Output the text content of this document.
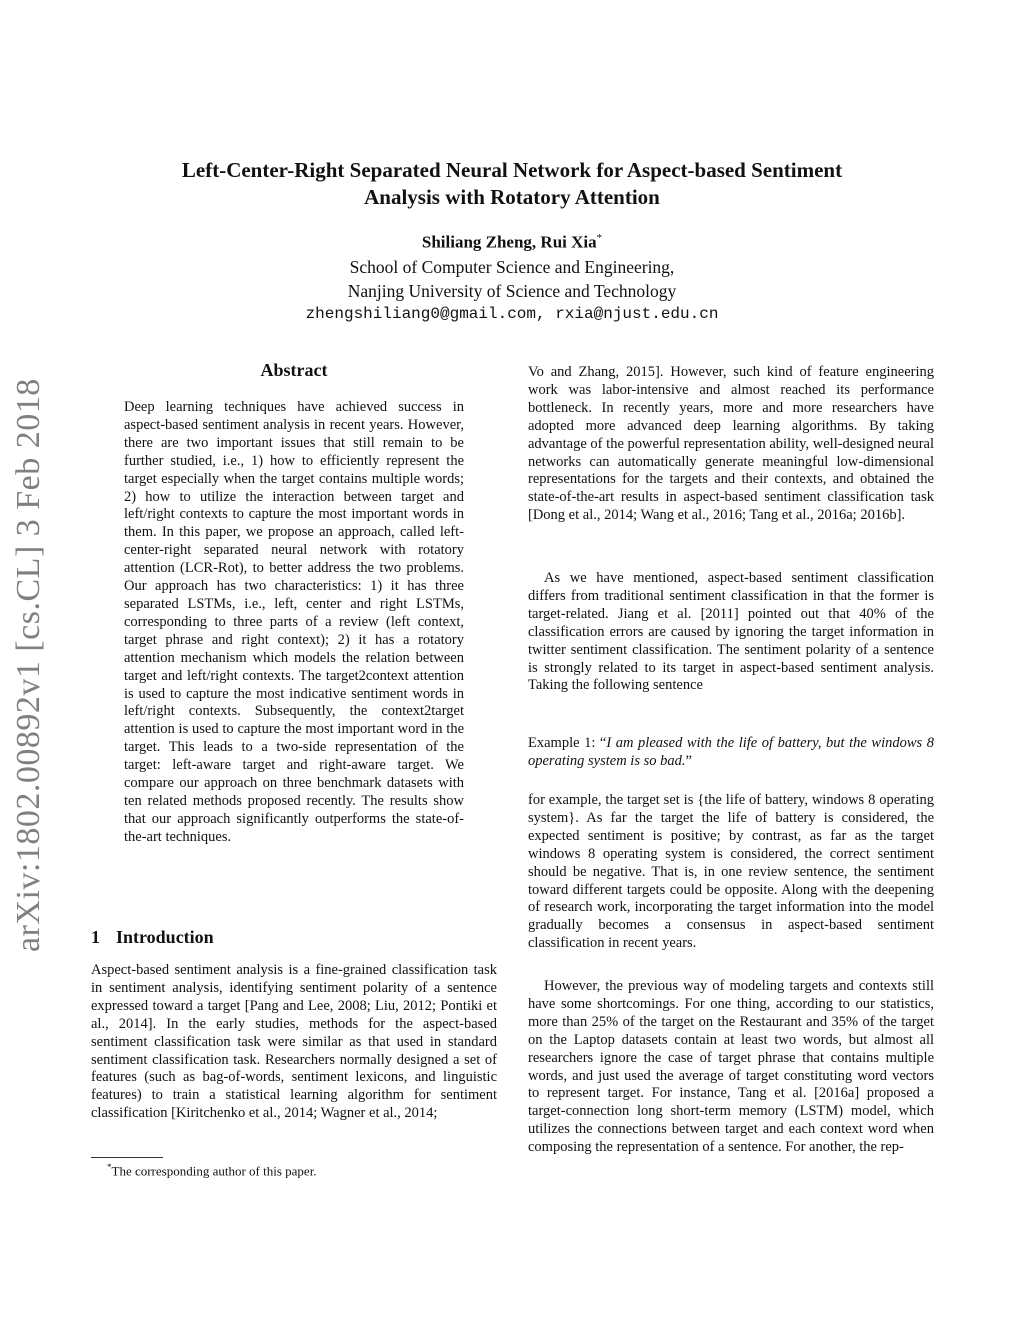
arXiv:1802.00892v1 [cs.CL] 3 Feb 2018
Left-Center-Right Separated Neural Network for Aspect-based Sentiment
Analysis with Rotatory Attention
Shiliang Zheng, Rui Xia*
School of Computer Science and Engineering,
Nanjing University of Science and Technology
zhengshiliang0@gmail.com, rxia@njust.edu.cn
Abstract

Deep learning techniques have achieved success in aspect-based sentiment analysis in recent years. However, there are two important issues that still remain to be further studied, i.e., 1) how to efficiently represent the target especially when the target contains multiple words; 2) how to utilize the interaction between target and left/right contexts to capture the most important words in them. In this paper, we propose an approach, called left-center-right separated neural network with rotatory attention (LCR-Rot), to better address the two problems. Our approach has two characteristics: 1) it has three separated LSTMs, i.e., left, center and right LSTMs, corresponding to three parts of a review (left context, target phrase and right context); 2) it has a rotatory attention mechanism which models the relation between target and left/right contexts. The target2context attention is used to capture the most indicative sentiment words in left/right contexts. Subsequently, the context2target attention is used to capture the most important word in the target. This leads to a two-side representation of the target: left-aware target and right-aware target. We compare our approach on three benchmark datasets with ten related methods proposed recently. The results show that our approach significantly outperforms the state-of-the-art techniques.

1 Introduction

Aspect-based sentiment analysis is a fine-grained classification task in sentiment analysis, identifying sentiment polarity of a sentence expressed toward a target [Pang and Lee, 2008; Liu, 2012; Pontiki et al., 2014]. In the early studies, methods for the aspect-based sentiment classification task were similar as that used in standard sentiment classification task. Researchers normally designed a set of features (such as bag-of-words, sentiment lexicons, and linguistic features) to train a statistical learning algorithm for sentiment classification [Kiritchenko et al., 2014; Wagner et al., 2014;

*The corresponding author of this paper.

Vo and Zhang, 2015]. However, such kind of feature engineering work was labor-intensive and almost reached its performance bottleneck. In recently years, more and more researchers have adopted more advanced deep learning algorithms. By taking advantage of the powerful representation ability, well-designed neural networks can automatically generate meaningful low-dimensional representations for the targets and their contexts, and obtained the state-of-the-art results in aspect-based sentiment classification task [Dong et al., 2014; Wang et al., 2016; Tang et al., 2016a; 2016b].

As we have mentioned, aspect-based sentiment classification differs from traditional sentiment classification in that the former is target-related. Jiang et al. [2011] pointed out that 40% of the classification errors are caused by ignoring the target information in twitter sentiment classification. The sentiment polarity of a sentence is strongly related to its target in aspect-based sentiment analysis. Taking the following sentence

Example 1: “I am pleased with the life of battery, but the windows 8 operating system is so bad.”

for example, the target set is {the life of battery, windows 8 operating system}. As far the target the life of battery is considered, the expected sentiment is positive; by contrast, as far as the target windows 8 operating system is considered, the correct sentiment should be negative. That is, in one review sentence, the sentiment toward different targets could be opposite. Along with the deepening of research work, incorporating the target information into the model gradually becomes a consensus in aspect-based sentiment classification in recent years.

However, the previous way of modeling targets and contexts still have some shortcomings. For one thing, according to our statistics, more than 25% of the target on the Restaurant and 35% of the target on the Laptop datasets contain at least two words, but almost all researchers ignore the case of target phrase that contains multiple words, and just used the average of target constituting word vectors to represent target. For instance, Tang et al. [2016a] proposed a target-connection long short-term memory (LSTM) model, which utilizes the connections between target and each context word when composing the representation of a sentence. For another, the rep-
